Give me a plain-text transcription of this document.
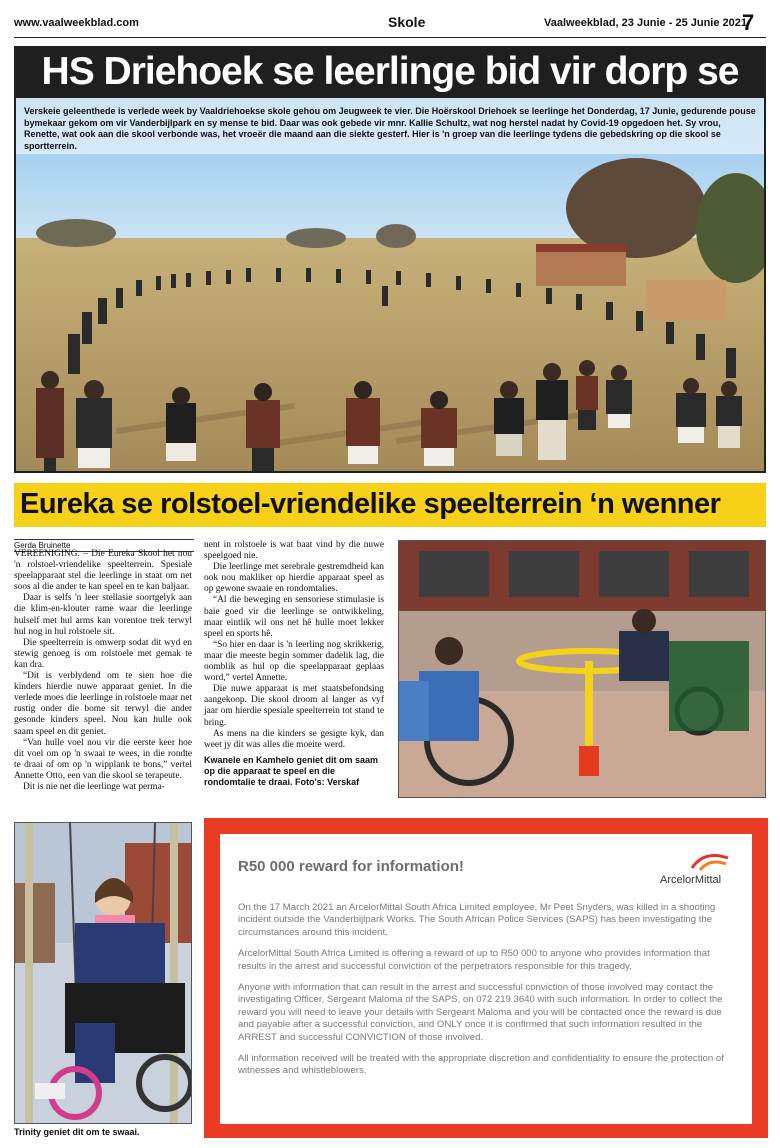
www.vaalweekblad.com	Skole	Vaalweekblad, 23 Junie - 25 Junie 2021
7
HS Driehoek se leerlinge bid vir dorp se
Verskeie geleenthede is verlede week by Vaaldriehoekse skole gehou om Jeugweek te vier. Die Hoërskool Driehoek se leerlinge het Donderdag, 17 Junie, gedurende pouse bymekaar gekom om vir Vanderbijlpark en sy mense te bid. Daar was ook gebede vir mnr. Kallie Schultz, wat nog herstel nadat hy Covid-19 opgedoen het. Sy vrou, Renette, wat ook aan die skool verbonde was, het vroeër die maand aan die siekte gesterf. Hier is 'n groep van die leerlinge tydens die gebedskring op die skool se sportterrein.
Eureka se rolstoel-vriendelike speelterrein ‘n wenner
Gerda Bruinette

VEREENIGING. – Die Eureka Skool het nou 'n rolstoel-vriendelike speelterrein. Spesiale speelapparaat stel die leerlinge in staat om net soos al die ander te kan speel en te kan baljaar.

Daar is selfs 'n leer stellasie soortgelyk aan die klim-en-klouter rame waar die leerlinge hulself met hul arms kan vorentoe trek terwyl hul nog in hul rolstoele sit.

Die speelterrein is omwerp sodat dit wyd en stewig genoeg is om rolstoele met gemak te kan dra.

“Dit is verblydend om te sien hoe die kinders hierdie nuwe apparaat geniet. In die verlede moes die leerlinge in rolstoele maar net rustig onder die bome sit terwyl die ander gesonde kinders speel. Nou kan hulle ook saam speel en dit geniet.

“Van hulle voel nou vir die eerste keer hoe dit voel om op 'n swaai te wees, in die rondte te draai of om op 'n wipplank te bons,” vertel Annette Otto, een van die skool se terapeute.

Dit is nie net die leerlinge wat perma-

nent in rolstoele is wat baat vind by die nuwe speelgoed nie.

Die leerlinge met serebrale gestremdheid kan ook nou makliker op hierdie apparaat speel as op gewone swaaie en rondomtalies.

“Al die beweging en sensoriese stimulasie is baie goed vir die leerlinge se ontwikkeling, maar eintlik wil ons net hê hulle moet lekker speel en sports hê.

“So hier en daar is 'n leerling nog skrikkerig, maar die meeste begin sommer dadelik lag, die oomblik as hul op die speelapparaat geplaas word,” vertel Annette.

Die nuwe apparaat is met staatsbefondsing aangekoop. Die skool droom al langer as vyf jaar om hierdie spesiale speelterrein tot stand te bring.

As mens na die kinders se gesigte kyk, dan weet jy dit was alles die moeite werd.

Kwanele en Kamhelo geniet dit om saam op die apparaat te speel en die rondomtalie te draai. Foto's: Verskaf

Trinity geniet dit om te swaai.
R50 000 reward for information!
ArcelorMittal

On the 17 March 2021 an ArcelorMittal South Africa Limited employee, Mr Peet Snyders, was killed in a shooting incident outside the Vanderbijlpark Works. The South African Police Services (SAPS) has been investigating the circumstances around this incident.

ArcelorMittal South Africa Limited is offering a reward of up to R50 000 to anyone who provides information that results in the arrest and successful conviction of the perpetrators responsible for this tragedy.

Anyone with information that can result in the arrest and successful conviction of those involved may contact the investigating Officer, Sergeant Maloma of the SAPS, on 072 219 3640 with such information. In order to collect the reward you will need to leave your details with Sergeant Maloma and you will be contacted once the reward is due and payable after a successful conviction, and ONLY once it is confirmed that such information resulted in the ARREST and successful CONVICTION of those involved.

All information received will be treated with the appropriate discretion and confidentiality to ensure the protection of witnesses and whistleblowers.
